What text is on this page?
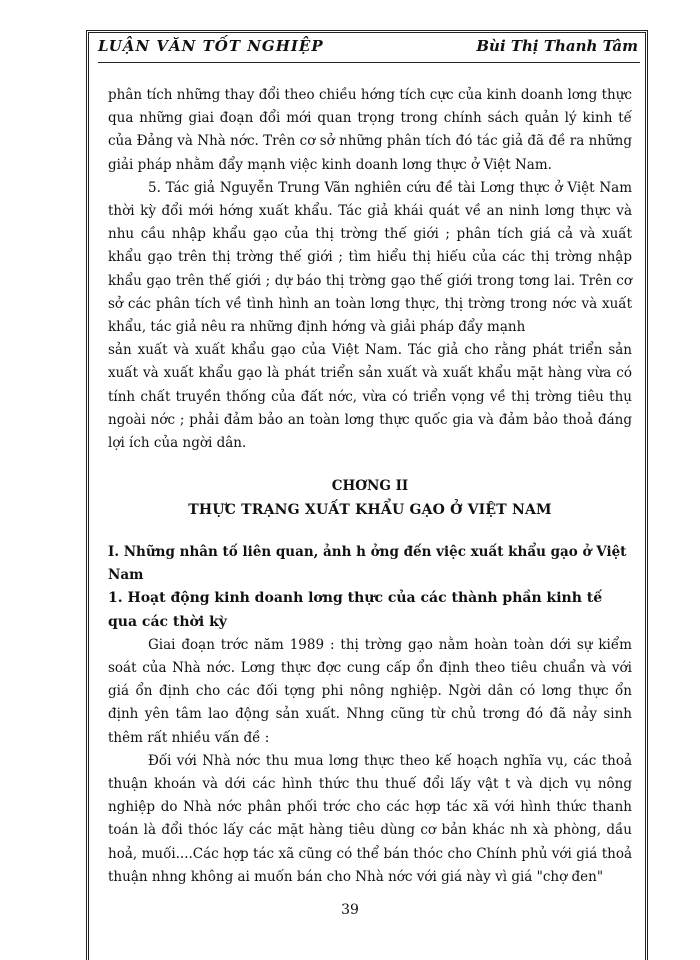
LUẬN VĂN TỐT NGHIỆP	Bùi Thị Thanh Tâm

phân tích những thay đổi theo chiều hớng tích cực của kinh doanh lơng thực qua những giai đoạn đổi mới quan trọng trong chính sách quản lý kinh tế của Đảng và Nhà nớc. Trên cơ sở những phân tích đó tác giả đã đề ra những giải pháp nhằm đẩy mạnh việc kinh doanh lơng thực ở Việt Nam.

5. Tác giả Nguyễn Trung Vãn nghiên cứu đề tài Lơng thực ở Việt Nam thời kỳ đổi mới hớng xuất khẩu. Tác giả khái quát về an ninh lơng thực và nhu cầu nhập khẩu gạo của thị trờng thế giới ; phân tích giá cả và xuất khẩu gạo trên thị trờng thế giới ; tìm hiểu thị hiếu của các thị trờng nhập khẩu gạo trên thế giới ; dự báo thị trờng gạo thế giới trong tơng lai. Trên cơ sở các phân tích về tình hình an toàn lơng thực, thị trờng trong nớc và xuất khẩu, tác giả nêu ra những định hớng và giải pháp đẩy mạnh

sản xuất và xuất khẩu gạo của Việt Nam. Tác giả cho rằng phát triển sản xuất và xuất khẩu gạo là phát triển sản xuất và xuất khẩu mặt hàng vừa có tính chất truyền thống của đất nớc, vừa có triển vọng về thị trờng tiêu thụ ngoài nớc ; phải đảm bảo an toàn lơng thực quốc gia và đảm bảo thoả đáng lợi ích của ngời dân.

CHƠNG II
THỰC TRẠNG XUẤT KHẨU GẠO Ở VIỆT NAM
I. Những nhân tố liên quan, ảnh h ởng đến việc xuất khẩu gạo ở Việt Nam
1. Hoạt động kinh doanh lơng thực của các thành phần kinh tế qua các thời kỳ

Giai đoạn trớc năm 1989 : thị trờng gạo nằm hoàn toàn dới sự kiểm soát của Nhà nớc. Lơng thực đợc cung cấp ổn định theo tiêu chuẩn và với giá ổn định cho các đối tợng phi nông nghiệp. Ngời dân có lơng thực ổn định yên tâm lao động sản xuất. Nhng cũng từ chủ trơng đó đã nảy sinh thêm rất nhiều vấn đề :

Đối với Nhà nớc thu mua lơng thực theo kế hoạch nghĩa vụ, các thoả thuận khoán và dới các hình thức thu thuế đổi lấy vật t và dịch vụ nông nghiệp do Nhà nớc phân phối trớc cho các hợp tác xã với hình thức thanh toán là đổi thóc lấy các mặt hàng tiêu dùng cơ bản khác nh xà phòng, dầu hoả, muối....Các hợp tác xã cũng có thể bán thóc cho Chính phủ với giá thoả thuận nhng không ai muốn bán cho Nhà nớc với giá này vì giá "chợ đen"

39
